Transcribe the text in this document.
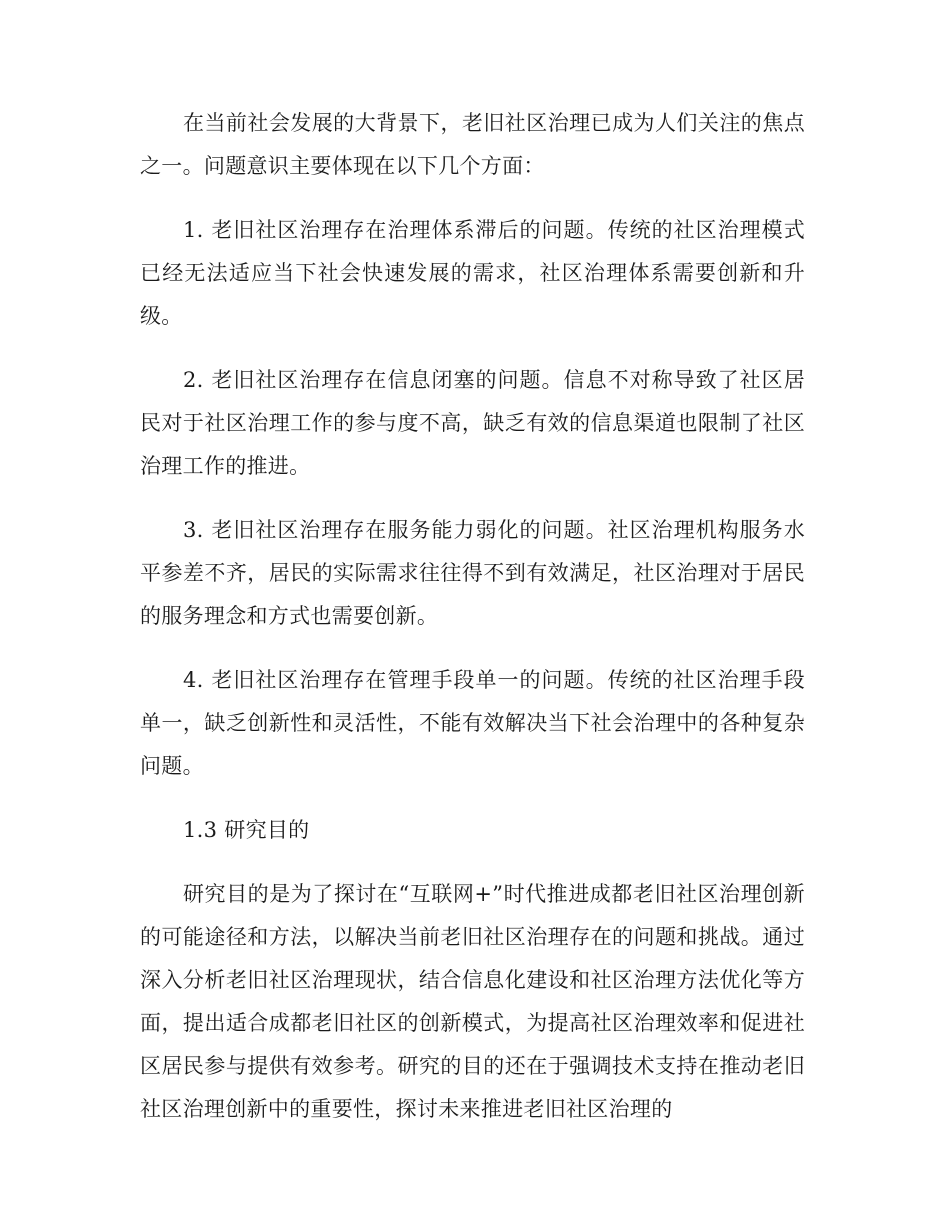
在当前社会发展的大背景下，老旧社区治理已成为人们关注的焦点之一。问题意识主要体现在以下几个方面：

1. 老旧社区治理存在治理体系滞后的问题。传统的社区治理模式已经无法适应当下社会快速发展的需求，社区治理体系需要创新和升级。

2. 老旧社区治理存在信息闭塞的问题。信息不对称导致了社区居民对于社区治理工作的参与度不高，缺乏有效的信息渠道也限制了社区治理工作的推进。

3. 老旧社区治理存在服务能力弱化的问题。社区治理机构服务水平参差不齐，居民的实际需求往往得不到有效满足，社区治理对于居民的服务理念和方式也需要创新。

4. 老旧社区治理存在管理手段单一的问题。传统的社区治理手段单一，缺乏创新性和灵活性，不能有效解决当下社会治理中的各种复杂问题。

1.3 研究目的

研究目的是为了探讨在“互联网+”时代推进成都老旧社区治理创新的可能途径和方法，以解决当前老旧社区治理存在的问题和挑战。通过深入分析老旧社区治理现状，结合信息化建设和社区治理方法优化等方面，提出适合成都老旧社区的创新模式，为提高社区治理效率和促进社区居民参与提供有效参考。研究的目的还在于强调技术支持在推动老旧社区治理创新中的重要性，探讨未来推进老旧社区治理的
